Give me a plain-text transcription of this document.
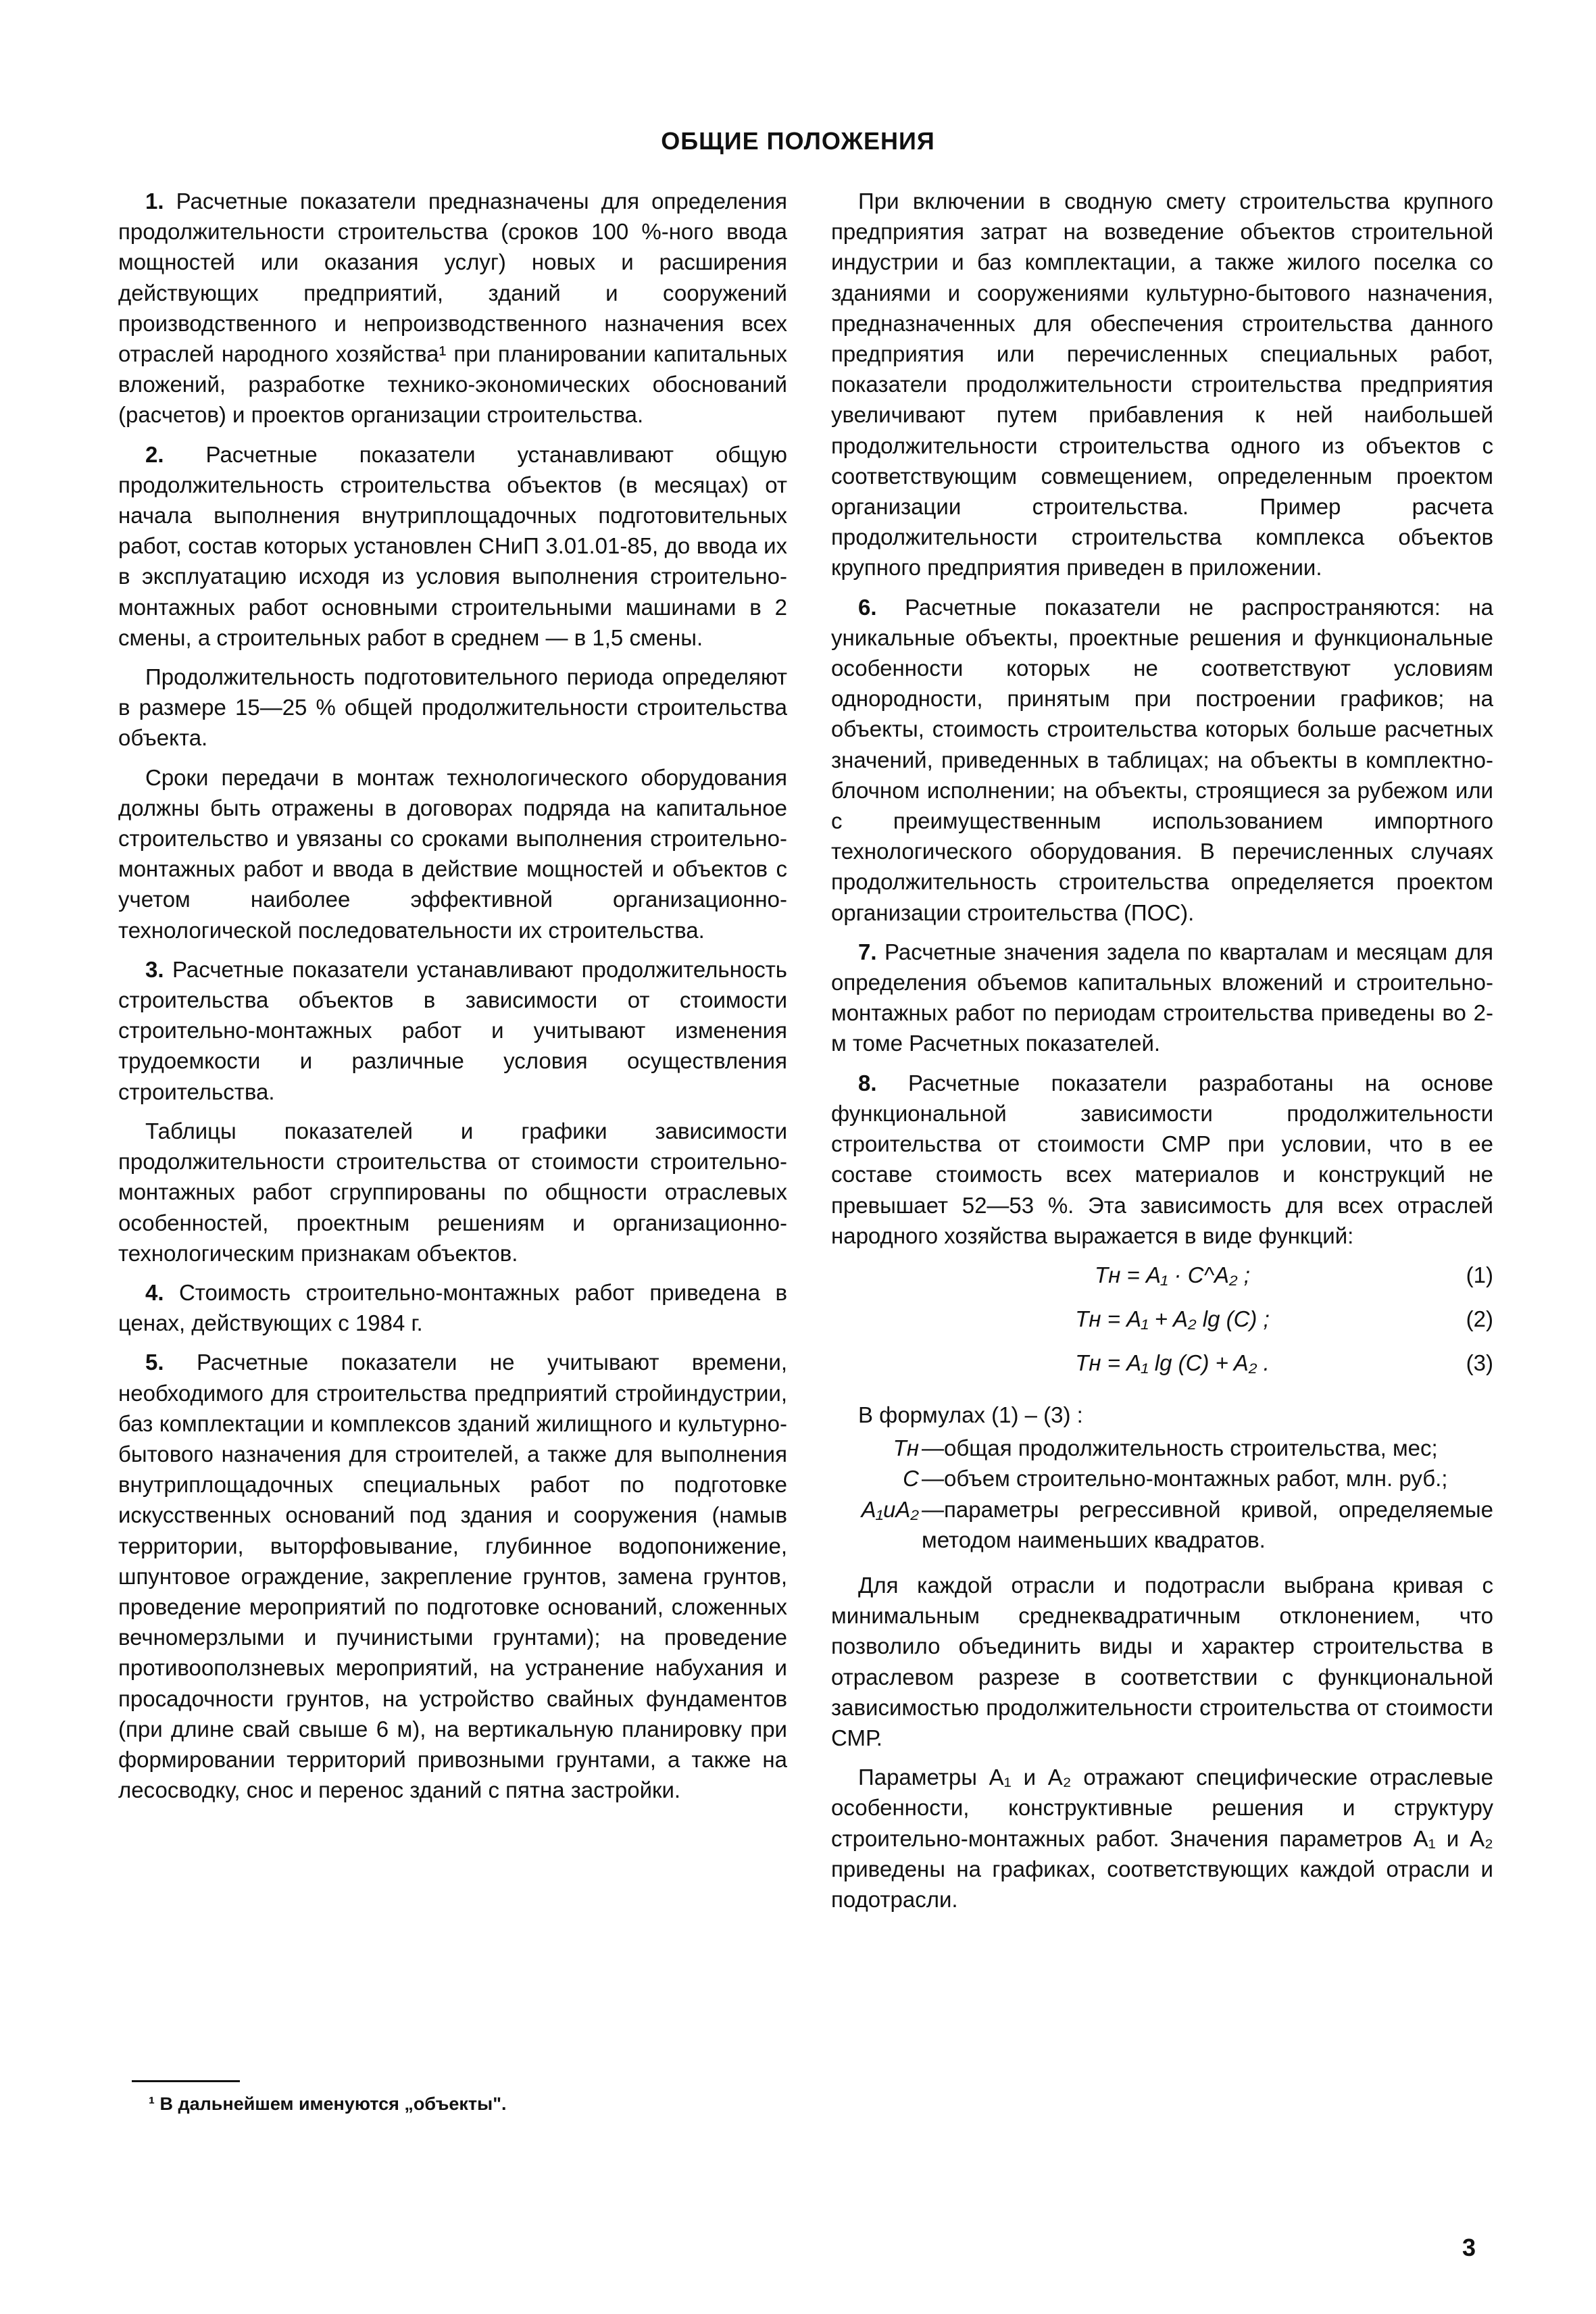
ОБЩИЕ ПОЛОЖЕНИЯ

1. Расчетные показатели предназначены для определения продолжительности строительства (сроков 100 %-ного ввода мощностей или оказания услуг) новых и расширения действующих предприятий, зданий и сооружений производственного и непроизводственного назначения всех отраслей народного хозяйства¹ при планировании капитальных вложений, разработке технико-экономических обоснований (расчетов) и проектов организации строительства.

2. Расчетные показатели устанавливают общую продолжительность строительства объектов (в месяцах) от начала выполнения внутриплощадочных подготовительных работ, состав которых установлен СНиП 3.01.01-85, до ввода их в эксплуатацию исходя из условия выполнения строительно-монтажных работ основными строительными машинами в 2 смены, а строительных работ в среднем — в 1,5 смены.

Продолжительность подготовительного периода определяют в размере 15—25 % общей продолжительности строительства объекта.

Сроки передачи в монтаж технологического оборудования должны быть отражены в договорах подряда на капитальное строительство и увязаны со сроками выполнения строительно-монтажных работ и ввода в действие мощностей и объектов с учетом наиболее эффективной организационно-технологической последовательности их строительства.

3. Расчетные показатели устанавливают продолжительность строительства объектов в зависимости от стоимости строительно-монтажных работ и учитывают изменения трудоемкости и различные условия осуществления строительства.

Таблицы показателей и графики зависимости продолжительности строительства от стоимости строительно-монтажных работ сгруппированы по общности отраслевых особенностей, проектным решениям и организационно-технологическим признакам объектов.

4. Стоимость строительно-монтажных работ приведена в ценах, действующих с 1984 г.

5. Расчетные показатели не учитывают времени, необходимого для строительства предприятий стройиндустрии, баз комплектации и комплексов зданий жилищного и культурно-бытового назначения для строителей, а также для выполнения внутриплощадочных специальных работ по подготовке искусственных оснований под здания и сооружения (намыв территории, выторфовывание, глубинное водопонижение, шпунтовое ограждение, закрепление грунтов, замена грунтов, проведение мероприятий по подготовке оснований, сложенных вечномерзлыми и пучинистыми грунтами); на проведение противооползневых мероприятий, на устранение набухания и просадочности грунтов, на устройство свайных фундаментов (при длине свай свыше 6 м), на вертикальную планировку при формировании территорий привозными грунтами, а также на лесосводку, снос и перенос зданий с пятна застройки.

При включении в сводную смету строительства крупного предприятия затрат на возведение объектов строительной индустрии и баз комплектации, а также жилого поселка со зданиями и сооружениями культурно-бытового назначения, предназначенных для обеспечения строительства данного предприятия или перечисленных специальных работ, показатели продолжительности строительства предприятия увеличивают путем прибавления к ней наибольшей продолжительности строительства одного из объектов с соответствующим совмещением, определенным проектом организации строительства. Пример расчета продолжительности строительства комплекса объектов крупного предприятия приведен в приложении.

6. Расчетные показатели не распространяются: на уникальные объекты, проектные решения и функциональные особенности которых не соответствуют условиям однородности, принятым при построении графиков; на объекты, стоимость строительства которых больше расчетных значений, приведенных в таблицах; на объекты в комплектно-блочном исполнении; на объекты, строящиеся за рубежом или с преимущественным использованием импортного технологического оборудования. В перечисленных случаях продолжительность строительства определяется проектом организации строительства (ПОС).

7. Расчетные значения задела по кварталам и месяцам для определения объемов капитальных вложений и строительно-монтажных работ по периодам строительства приведены во 2-м томе Расчетных показателей.

8. Расчетные показатели разработаны на основе функциональной зависимости продолжительности строительства от стоимости СМР при условии, что в ее составе стоимость всех материалов и конструкций не превышает 52—53 %. Эта зависимость для всех отраслей народного хозяйства выражается в виде функций:

Тн = A₁ · C^A₂ ;	(1)
Тн = A₁ + A₂ lg (C) ;	(2)
Тн = A₁ lg (C) + A₂ .	(3)
В формулах (1) – (3) :
Тн —общая продолжительность строительства, мес;
C —объем строительно-монтажных работ, млн. руб.;
A₁иA₂ —параметры регрессивной кривой, определяемые методом наименьших квадратов.

Для каждой отрасли и подотрасли выбрана кривая с минимальным среднеквадратичным отклонением, что позволило объединить виды и характер строительства в отраслевом разрезе в соответствии с функциональной зависимостью продолжительности строительства от стоимости СМР.

Параметры A₁ и A₂ отражают специфические отраслевые особенности, конструктивные решения и структуру строительно-монтажных работ. Значения параметров A₁ и A₂ приведены на графиках, соответствующих каждой отрасли и подотрасли.

¹ В дальнейшем именуются „объекты".
3
